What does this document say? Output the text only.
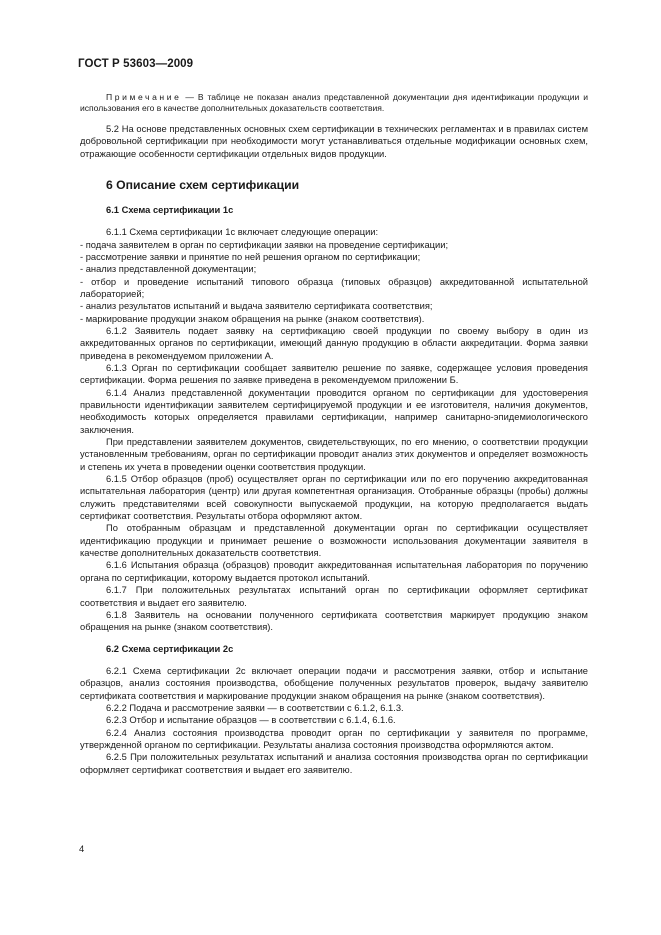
ГОСТ Р 53603—2009

Примечание — В таблице не показан анализ представленной документации дня идентификации продукции и использования его в качестве дополнительных доказательств соответствия.

5.2 На основе представленных основных схем сертификации в технических регламентах и в правилах систем добровольной сертификации при необходимости могут устанавливаться отдельные модификации основных схем, отражающие особенности сертификации отдельных видов продукции.

6 Описание схем сертификации
6.1 Схема сертификации 1с

6.1.1 Схема сертификации 1с включает следующие операции:

- подача заявителем в орган по сертификации заявки на проведение сертификации;

- рассмотрение заявки и принятие по ней решения органом по сертификации;

- анализ представленной документации;

- отбор и проведение испытаний типового образца (типовых образцов) аккредитованной испытательной лабораторией;

- анализ результатов испытаний и выдача заявителю сертификата соответствия;

- маркирование продукции знаком обращения на рынке (знаком соответствия).

6.1.2 Заявитель подает заявку на сертификацию своей продукции по своему выбору в один из аккредитованных органов по сертификации, имеющий данную продукцию в области аккредитации. Форма заявки приведена в рекомендуемом приложении А.

6.1.3 Орган по сертификации сообщает заявителю решение по заявке, содержащее условия проведения сертификации. Форма решения по заявке приведена в рекомендуемом приложении Б.

6.1.4 Анализ представленной документации проводится органом по сертификации для удостоверения правильности идентификации заявителем сертифицируемой продукции и ее изготовителя, наличия документов, необходимость которых определяется правилами сертификации, например санитарно-эпидемиологического заключения.

При представлении заявителем документов, свидетельствующих, по его мнению, о соответствии продукции установленным требованиям, орган по сертификации проводит анализ этих документов и определяет возможность и степень их учета в проведении оценки соответствия продукции.

6.1.5 Отбор образцов (проб) осуществляет орган по сертификации или по его поручению аккредитованная испытательная лаборатория (центр) или другая компетентная организация. Отобранные образцы (пробы) должны служить представителями всей совокупности выпускаемой продукции, на которую предполагается выдать сертификат соответствия. Результаты отбора оформляют актом.

По отобранным образцам и представленной документации орган по сертификации осуществляет идентификацию продукции и принимает решение о возможности использования документации заявителя в качестве дополнительных доказательств соответствия.

6.1.6 Испытания образца (образцов) проводит аккредитованная испытательная лаборатория по поручению органа по сертификации, которому выдается протокол испытаний.

6.1.7 При положительных результатах испытаний орган по сертификации оформляет сертификат соответствия и выдает его заявителю.

6.1.8 Заявитель на основании полученного сертификата соответствия маркирует продукцию знаком обращения на рынке (знаком соответствия).

6.2 Схема сертификации 2с

6.2.1 Схема сертификации 2с включает операции подачи и рассмотрения заявки, отбор и испытание образцов, анализ состояния производства, обобщение полученных результатов проверок, выдачу заявителю сертификата соответствия и маркирование продукции знаком обращения на рынке (знаком соответствия).

6.2.2 Подача и рассмотрение заявки — в соответствии с 6.1.2, 6.1.3.

6.2.3 Отбор и испытание образцов — в соответствии с 6.1.4, 6.1.6.

6.2.4 Анализ состояния производства проводит орган по сертификации у заявителя по программе, утвержденной органом по сертификации. Результаты анализа состояния производства оформляются актом.

6.2.5 При положительных результатах испытаний и анализа состояния производства орган по сертификации оформляет сертификат соответствия и выдает его заявителю.

4
